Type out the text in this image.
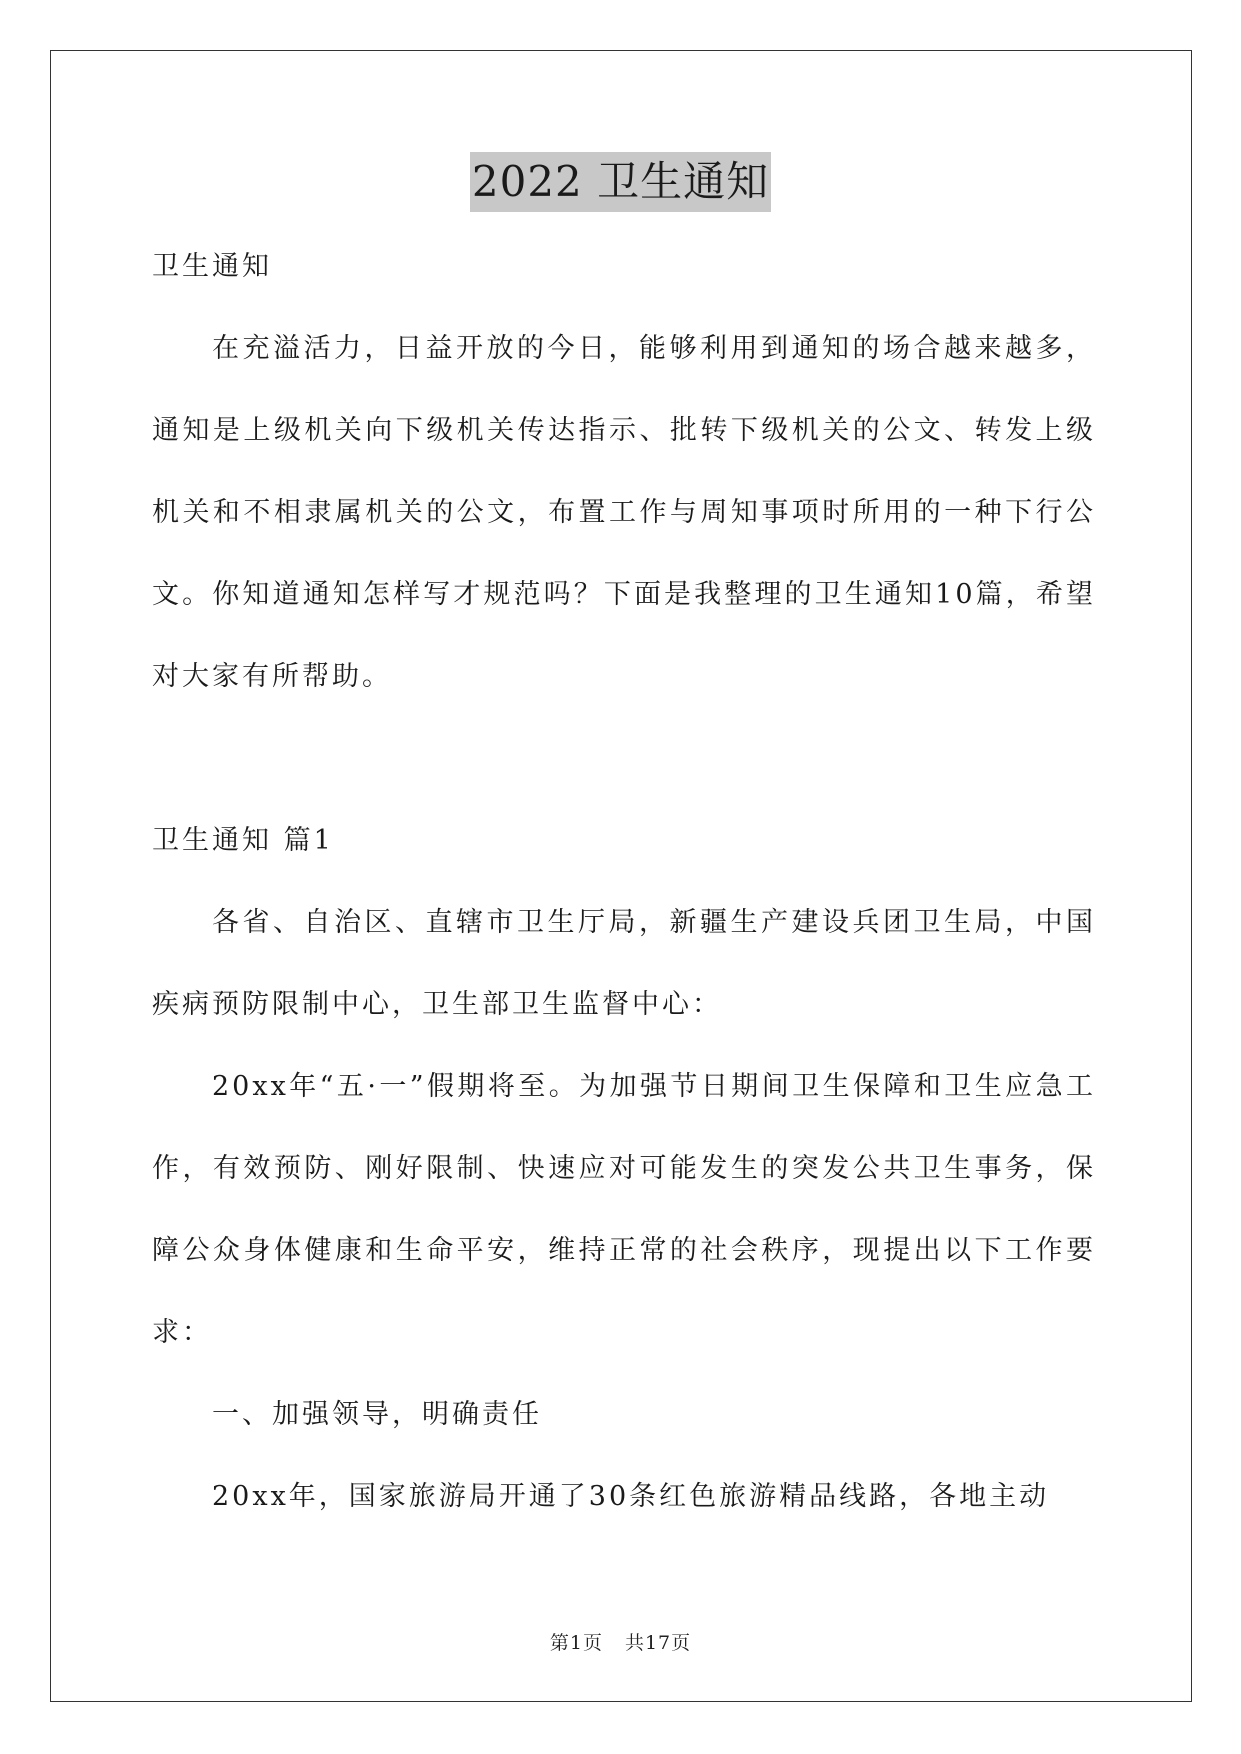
2022 卫生通知

卫生通知

在充溢活力，日益开放的今日，能够利用到通知的场合越来越多，通知是上级机关向下级机关传达指示、批转下级机关的公文、转发上级机关和不相隶属机关的公文，布置工作与周知事项时所用的一种下行公文。你知道通知怎样写才规范吗？下面是我整理的卫生通知10篇，希望对大家有所帮助。

卫生通知 篇1

各省、自治区、直辖市卫生厅局，新疆生产建设兵团卫生局，中国疾病预防限制中心，卫生部卫生监督中心：

20xx年“五·一”假期将至。为加强节日期间卫生保障和卫生应急工作，有效预防、刚好限制、快速应对可能发生的突发公共卫生事务，保障公众身体健康和生命平安，维持正常的社会秩序，现提出以下工作要求：

一、加强领导，明确责任

20xx年，国家旅游局开通了30条红色旅游精品线路，各地主动

第1页 共17页
